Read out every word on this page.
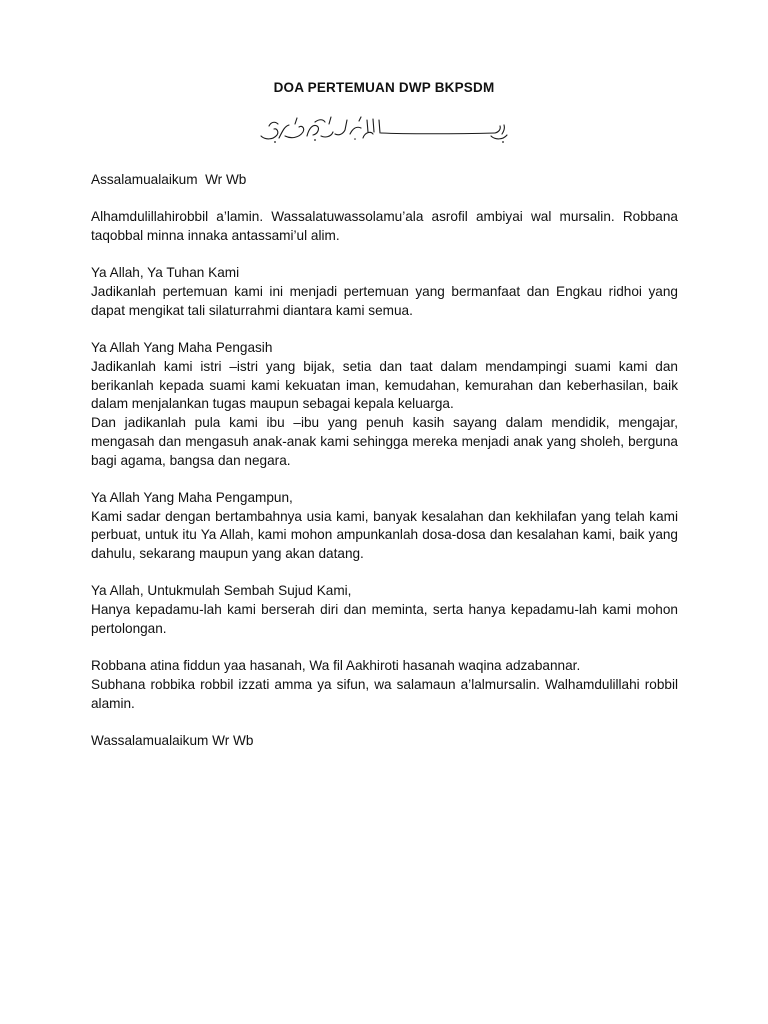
DOA PERTEMUAN DWP BKPSDM

Assalamualaikum  Wr Wb

Alhamdulillahirobbil a’lamin. Wassalatuwassolamu’ala asrofil ambiyai wal mursalin. Robbana taqobbal minna innaka antassami’ul alim.

Ya Allah, Ya Tuhan Kami

Jadikanlah pertemuan kami ini menjadi pertemuan yang bermanfaat dan Engkau ridhoi yang dapat mengikat tali silaturrahmi diantara kami semua.

Ya Allah Yang Maha Pengasih

Jadikanlah kami istri –istri yang bijak, setia dan taat dalam mendampingi suami kami dan berikanlah kepada suami kami kekuatan iman, kemudahan, kemurahan dan keberhasilan, baik dalam menjalankan tugas maupun sebagai kepala keluarga.

Dan jadikanlah pula kami ibu –ibu yang penuh kasih sayang dalam mendidik, mengajar, mengasah dan mengasuh anak-anak kami sehingga mereka menjadi anak yang sholeh, berguna bagi agama, bangsa dan negara.

Ya Allah Yang Maha Pengampun,

Kami sadar dengan bertambahnya usia kami, banyak kesalahan dan kekhilafan yang telah kami perbuat, untuk itu Ya Allah, kami mohon ampunkanlah dosa-dosa dan kesalahan kami, baik yang dahulu, sekarang maupun yang akan datang.

Ya Allah, Untukmulah Sembah Sujud Kami,

Hanya kepadamu-lah kami berserah diri dan meminta, serta hanya kepadamu-lah kami mohon pertolongan.

Robbana atina fiddun yaa hasanah, Wa fil Aakhiroti hasanah waqina adzabannar.

Subhana robbika robbil izzati amma ya sifun, wa salamaun a’lalmursalin. Walhamdulillahi robbil alamin.

Wassalamualaikum Wr Wb
